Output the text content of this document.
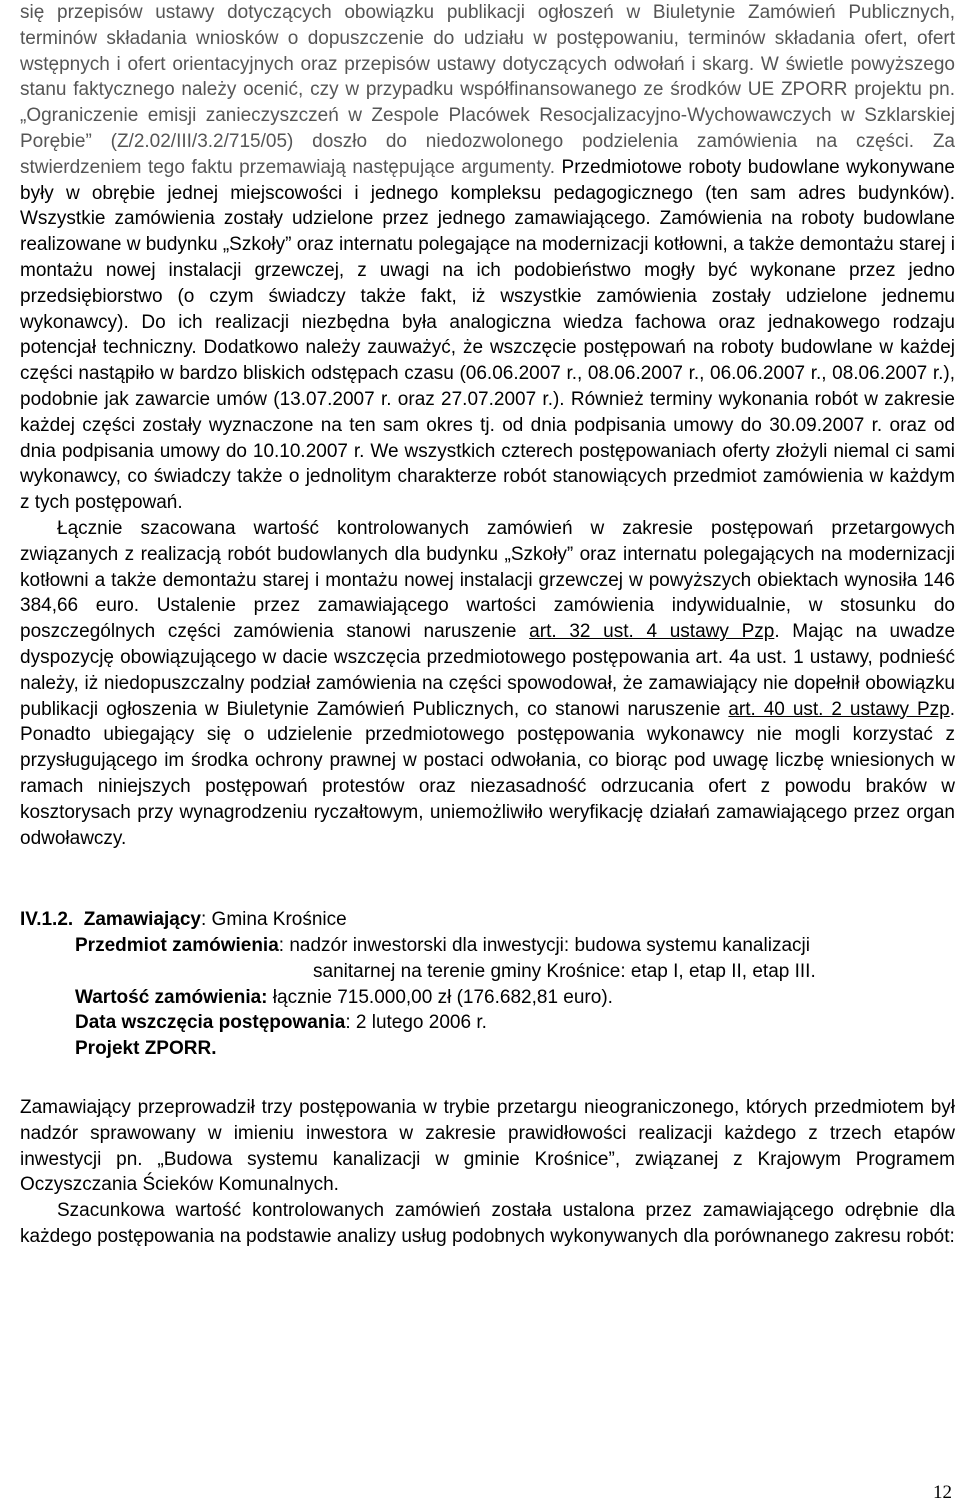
się przepisów ustawy dotyczących obowiązku publikacji ogłoszeń w Biuletynie Zamówień Publicznych, terminów składania wniosków o dopuszczenie do udziału w postępowaniu, terminów składania ofert, ofert wstępnych i ofert orientacyjnych oraz przepisów ustawy dotyczących odwołań i skarg. W świetle powyższego stanu faktycznego należy ocenić, czy w przypadku współfinansowanego ze środków UE ZPORR projektu pn. „Ograniczenie emisji zanieczyszczeń w Zespole Placówek Resocjalizacyjno-Wychowawczych w Szklarskiej Porębie” (Z/2.02/III/3.2/715/05) doszło do niedozwolonego podzielenia zamówienia na części. Za stwierdzeniem tego faktu przemawiają następujące argumenty. Przedmiotowe roboty budowlane wykonywane były w obrębie jednej miejscowości i jednego kompleksu pedagogicznego (ten sam adres budynków). Wszystkie zamówienia zostały udzielone przez jednego zamawiającego. Zamówienia na roboty budowlane realizowane w budynku „Szkoły” oraz internatu polegające na modernizacji kotłowni, a także demontażu starej i montażu nowej instalacji grzewczej, z uwagi na ich podobieństwo mogły być wykonane przez jedno przedsiębiorstwo (o czym świadczy także fakt, iż wszystkie zamówienia zostały udzielone jednemu wykonawcy). Do ich realizacji niezbędna była analogiczna wiedza fachowa oraz jednakowego rodzaju potencjał techniczny. Dodatkowo należy zauważyć, że wszczęcie postępowań na roboty budowlane w każdej części nastąpiło w bardzo bliskich odstępach czasu (06.06.2007 r., 08.06.2007 r., 06.06.2007 r., 08.06.2007 r.), podobnie jak zawarcie umów (13.07.2007 r. oraz 27.07.2007 r.). Również terminy wykonania robót w zakresie każdej części zostały wyznaczone na ten sam okres tj. od dnia podpisania umowy do 30.09.2007 r. oraz od dnia podpisania umowy do 10.10.2007 r. We wszystkich czterech postępowaniach oferty złożyli niemal ci sami wykonawcy, co świadczy także o jednolitym charakterze robót stanowiących przedmiot zamówienia w każdym z tych postępowań.

Łącznie szacowana wartość kontrolowanych zamówień w zakresie postępowań przetargowych związanych z realizacją robót budowlanych dla budynku „Szkoły” oraz internatu polegających na modernizacji kotłowni a także demontażu starej i montażu nowej instalacji grzewczej w powyższych obiektach wynosiła 146 384,66 euro. Ustalenie przez zamawiającego wartości zamówienia indywidualnie, w stosunku do poszczególnych części zamówienia stanowi naruszenie art. 32 ust. 4 ustawy Pzp. Mając na uwadze dyspozycję obowiązującego w dacie wszczęcia przedmiotowego postępowania art. 4a ust. 1 ustawy, podnieść należy, iż niedopuszczalny podział zamówienia na części spowodował, że zamawiający nie dopełnił obowiązku publikacji ogłoszenia w Biuletynie Zamówień Publicznych, co stanowi naruszenie art. 40 ust. 2 ustawy Pzp. Ponadto ubiegający się o udzielenie przedmiotowego postępowania wykonawcy nie mogli korzystać z przysługującego im środka ochrony prawnej w postaci odwołania, co biorąc pod uwagę liczbę wniesionych w ramach niniejszych postępowań protestów oraz niezasadność odrzucania ofert z powodu braków w kosztorysach przy wynagrodzeniu ryczałtowym, uniemożliwiło weryfikację działań zamawiającego przez organ odwoławczy.

IV.1.2. Zamawiający: Gmina Krośnice

Przedmiot zamówienia: nadzór inwestorski dla inwestycji: budowa systemu kanalizacji
sanitarnej na terenie gminy Krośnice: etap I, etap II, etap III.

Wartość zamówienia: łącznie 715.000,00 zł (176.682,81 euro).

Data wszczęcia postępowania: 2 lutego 2006 r.

Projekt ZPORR.

Zamawiający przeprowadził trzy postępowania w trybie przetargu nieograniczonego, których przedmiotem był nadzór sprawowany w imieniu inwestora w zakresie prawidłowości realizacji każdego z trzech etapów inwestycji pn. „Budowa systemu kanalizacji w gminie Krośnice”, związanej z Krajowym Programem Oczyszczania Ścieków Komunalnych.

Szacunkowa wartość kontrolowanych zamówień została ustalona przez zamawiającego odrębnie dla każdego postępowania na podstawie analizy usług podobnych wykonywanych dla porównanego zakresu robót:

12
